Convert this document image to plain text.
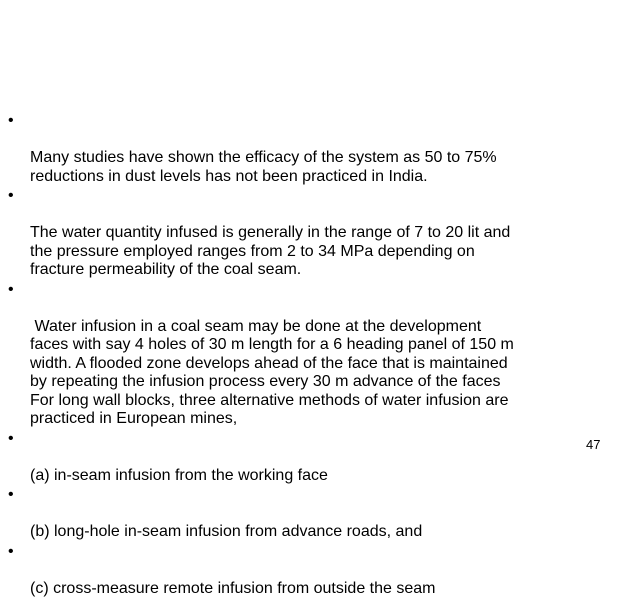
•

Many studies have shown the efficacy of the system as 50 to 75%
reductions in dust levels has not been practiced in India.

•

The water quantity infused is generally in the range of 7 to 20 lit and
the pressure employed ranges from 2 to 34 MPa depending on
fracture permeability of the coal seam.

•

Water infusion in a coal seam may be done at the development
faces with say 4 holes of 30 m length for a 6 heading panel of 150 m
width. A flooded zone develops ahead of the face that is maintained
by repeating the infusion process every 30 m advance of the faces
For long wall blocks, three alternative methods of water infusion are
practiced in European mines,

•

(a) in-seam infusion from the working face

•

(b) long-hole in-seam infusion from advance roads, and

•

(c) cross-measure remote infusion from outside the seam

47
